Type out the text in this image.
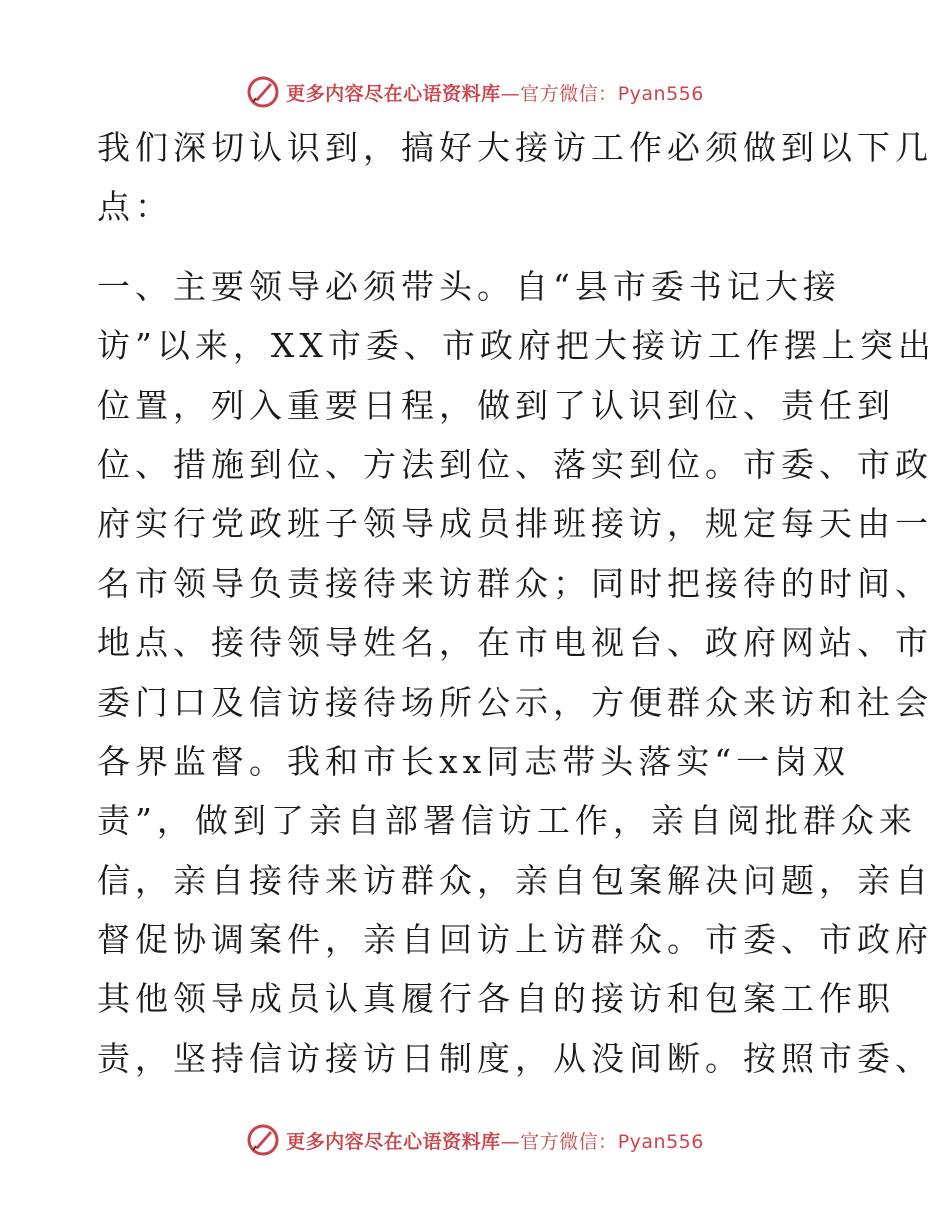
更多内容尽在心语资料库—官方微信：Pyan556
我们深切认识到，搞好大接访工作必须做到以下几
点：
一、主要领导必须带头。自“县市委书记大接
访”以来，XX市委、市政府把大接访工作摆上突出
位置，列入重要日程，做到了认识到位、责任到
位、措施到位、方法到位、落实到位。市委、市政
府实行党政班子领导成员排班接访，规定每天由一
名市领导负责接待来访群众；同时把接待的时间、
地点、接待领导姓名，在市电视台、政府网站、市
委门口及信访接待场所公示，方便群众来访和社会
各界监督。我和市长xx同志带头落实“一岗双
责”，做到了亲自部署信访工作，亲自阅批群众来
信，亲自接待来访群众，亲自包案解决问题，亲自
督促协调案件，亲自回访上访群众。市委、市政府
其他领导成员认真履行各自的接访和包案工作职
责，坚持信访接访日制度，从没间断。按照市委、
更多内容尽在心语资料库—官方微信：Pyan556
